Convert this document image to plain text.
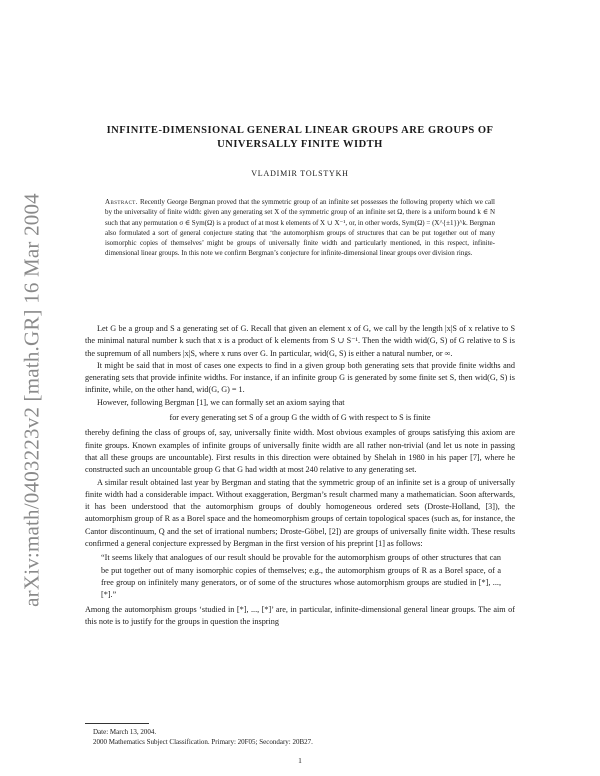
arXiv:math/0403223v2 [math.GR] 16 Mar 2004
INFINITE-DIMENSIONAL GENERAL LINEAR GROUPS ARE GROUPS OF
UNIVERSALLY FINITE WIDTH
VLADIMIR TOLSTYKH
Abstract. Recently George Bergman proved that the symmetric group of an infinite set possesses the following property which we call by the universality of finite width: given any generating set X of the symmetric group of an infinite set Ω, there is a uniform bound k ∈ N such that any permutation σ ∈ Sym(Ω) is a product of at most k elements of X ∪ X⁻¹, or, in other words, Sym(Ω) = (X^{±1})^k. Bergman also formulated a sort of general conjecture stating that ‘the automorphism groups of structures that can be put together out of many isomorphic copies of themselves’ might be groups of universally finite width and particularly mentioned, in this respect, infinite-dimensional linear groups. In this note we confirm Bergman’s conjecture for infinite-dimensional linear groups over division rings.

Let G be a group and S a generating set of G. Recall that given an element x of G, we call by the length |x|S of x relative to S the minimal natural number k such that x is a product of k elements from S ∪ S⁻¹. Then the width wid(G, S) of G relative to S is the supremum of all numbers |x|S, where x runs over G. In particular, wid(G, S) is either a natural number, or ∞.

It might be said that in most of cases one expects to find in a given group both generating sets that provide finite widths and generating sets that provide infinite widths. For instance, if an infinite group G is generated by some finite set S, then wid(G, S) is infinite, while, on the other hand, wid(G, G) = 1.

However, following Bergman [1], we can formally set an axiom saying that

for every generating set S of a group G the width of G with respect to S is finite

thereby defining the class of groups of, say, universally finite width. Most obvious examples of groups satisfying this axiom are finite groups. Known examples of infinite groups of universally finite width are all rather non-trivial (and let us note in passing that all these groups are uncountable). First results in this direction were obtained by Shelah in 1980 in his paper [7], where he constructed such an uncountable group G that G had width at most 240 relative to any generating set.

A similar result obtained last year by Bergman and stating that the symmetric group of an infinite set is a group of universally finite width had a considerable impact. Without exaggeration, Bergman’s result charmed many a mathematician. Soon afterwards, it has been understood that the automorphism groups of doubly homogeneous ordered sets (Droste-Holland, [3]), the automorphism group of R as a Borel space and the homeomorphism groups of certain topological spaces (such as, for instance, the Cantor discontinuum, Q and the set of irrational numbers; Droste-Göbel, [2]) are groups of universally finite width. These results confirmed a general conjecture expressed by Bergman in the first version of his preprint [1] as follows:

“It seems likely that analogues of our result should be provable for the automorphism groups of other structures that can be put together out of many isomorphic copies of themselves; e.g., the automorphism groups of R as a Borel space, of a free group on infinitely many generators, or of some of the structures whose automorphism groups are studied in [*], ..., [*].”

Among the automorphism groups ‘studied in [*], ..., [*]’ are, in particular, infinite-dimensional general linear groups. The aim of this note is to justify for the groups in question the inspring

Date: March 13, 2004.
2000 Mathematics Subject Classification. Primary: 20F05; Secondary: 20B27.
1
